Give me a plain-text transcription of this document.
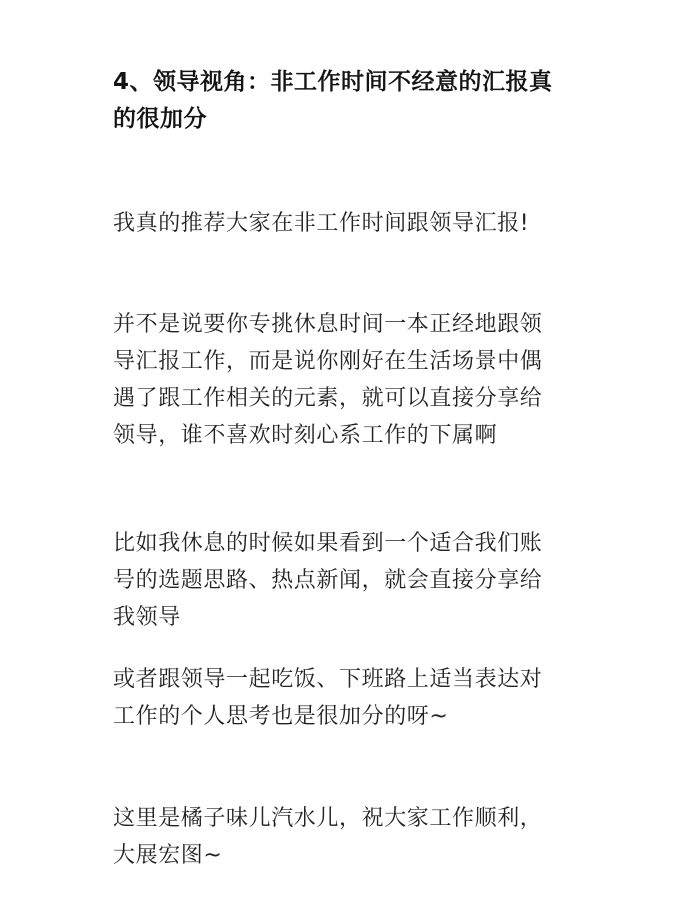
4、领导视角：非工作时间不经意的汇报真
的很加分
我真的推荐大家在非工作时间跟领导汇报!
并不是说要你专挑休息时间一本正经地跟领
导汇报工作，而是说你刚好在生活场景中偶
遇了跟工作相关的元素，就可以直接分享给
领导，谁不喜欢时刻心系工作的下属啊
比如我休息的时候如果看到一个适合我们账
号的选题思路、热点新闻，就会直接分享给
我领导
或者跟领导一起吃饭、下班路上适当表达对
工作的个人思考也是很加分的呀~
这里是橘子味儿汽水儿，祝大家工作顺利，
大展宏图~
